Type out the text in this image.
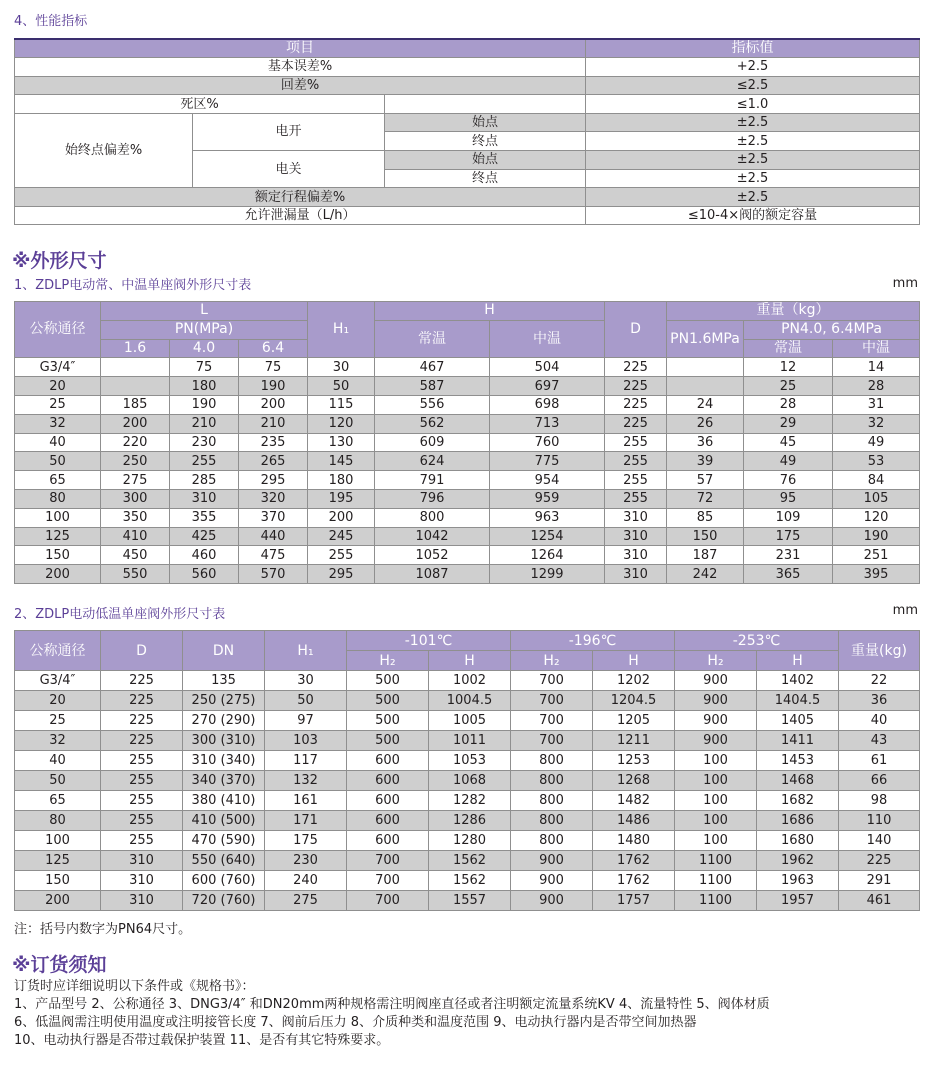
4、性能指标
项目			指标值
基本误差%			+2.5
回差%			≤2.5
死区%			≤1.0
始终点偏差%	电开	始点	±2.5
		终点	±2.5
	电关	始点	±2.5
		终点	±2.5
额定行程偏差%			±2.5
允许泄漏量（L/h）			≤10-4×阀的额定容量
※外形尺寸
1、ZDLP电动常、中温单座阀外形尺寸表	mm
公称通径	L			H₁	H		D	重量（kg）		
	PN(MPa)				常温	中温		PN1.6MPa	PN4.0, 6.4MPa	
	1.6	4.0	6.4						常温	中温
G3/4″		75	75	30	467	504	225		12	14
20		180	190	50	587	697	225		25	28
25	185	190	200	115	556	698	225	24	28	31
32	200	210	210	120	562	713	225	26	29	32
40	220	230	235	130	609	760	255	36	45	49
50	250	255	265	145	624	775	255	39	49	53
65	275	285	295	180	791	954	255	57	76	84
80	300	310	320	195	796	959	255	72	95	105
100	350	355	370	200	800	963	310	85	109	120
125	410	425	440	245	1042	1254	310	150	175	190
150	450	460	475	255	1052	1264	310	187	231	251
200	550	560	570	295	1087	1299	310	242	365	395
2、ZDLP电动低温单座阀外形尺寸表	mm
公称通径	D	DN	H₁	-101℃		-196℃		-253℃		重量(kg)
				H₂	H	H₂	H	H₂	H	
G3/4″	225	135	30	500	1002	700	1202	900	1402	22
20	225	250 (275)	50	500	1004.5	700	1204.5	900	1404.5	36
25	225	270 (290)	97	500	1005	700	1205	900	1405	40
32	225	300 (310)	103	500	1011	700	1211	900	1411	43
40	255	310 (340)	117	600	1053	800	1253	100	1453	61
50	255	340 (370)	132	600	1068	800	1268	100	1468	66
65	255	380 (410)	161	600	1282	800	1482	100	1682	98
80	255	410 (500)	171	600	1286	800	1486	100	1686	110
100	255	470 (590)	175	600	1280	800	1480	100	1680	140
125	310	550 (640)	230	700	1562	900	1762	1100	1962	225
150	310	600 (760)	240	700	1562	900	1762	1100	1963	291
200	310	720 (760)	275	700	1557	900	1757	1100	1957	461
注：括号内数字为PN64尺寸。
※订货须知
订货时应详细说明以下条件或《规格书》：
1、产品型号 2、公称通径 3、DNG3/4″ 和DN20mm两种规格需注明阀座直径或者注明额定流量系统KV 4、流量特性 5、阀体材质
6、低温阀需注明使用温度或注明接管长度 7、阀前后压力 8、介质种类和温度范围 9、电动执行器内是否带空间加热器
10、电动执行器是否带过载保护装置 11、是否有其它特殊要求。
